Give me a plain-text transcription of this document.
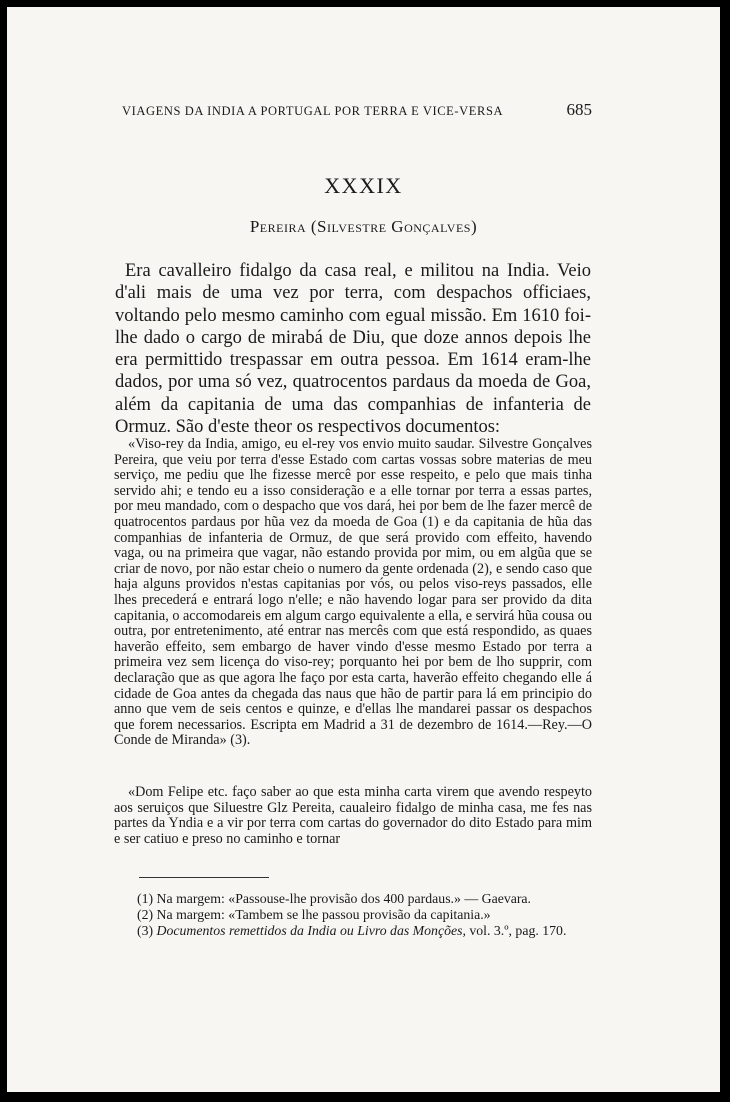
VIAGENS DA INDIA A PORTUGAL POR TERRA E VICE-VERSA	685
XXXIX
Pereira (Silvestre Gonçalves)

Era cavalleiro fidalgo da casa real, e militou na India. Veio d'ali mais de uma vez por terra, com despachos officiaes, voltando pelo mesmo caminho com egual missão. Em 1610 foi-lhe dado o cargo de mirabá de Diu, que doze annos depois lhe era permittido trespassar em outra pessoa. Em 1614 eram-lhe dados, por uma só vez, quatrocentos pardaus da moeda de Goa, além da capitania de uma das companhias de infanteria de Ormuz. São d'este theor os respectivos documentos:

«Viso-rey da India, amigo, eu el-rey vos envio muito saudar. Silvestre Gonçalves Pereira, que veiu por terra d'esse Estado com cartas vossas sobre materias de meu serviço, me pediu que lhe fizesse mercê por esse respeito, e pelo que mais tinha servido ahi; e tendo eu a isso consideração e a elle tornar por terra a essas partes, por meu mandado, com o despacho que vos dará, hei por bem de lhe fazer mercê de quatrocentos pardaus por hũa vez da moeda de Goa (1) e da capitania de hũa das companhias de infanteria de Ormuz, de que será provido com effeito, havendo vaga, ou na primeira que vagar, não estando provida por mim, ou em algũa que se criar de novo, por não estar cheio o numero da gente ordenada (2), e sendo caso que haja alguns providos n'estas capitanias por vós, ou pelos viso-reys passados, elle lhes precederá e entrará logo n'elle; e não havendo logar para ser provido da dita capitania, o accomodareis em algum cargo equivalente a ella, e servirá hũa cousa ou outra, por entretenimento, até entrar nas mercês com que está respondido, as quaes haverão effeito, sem embargo de haver vindo d'esse mesmo Estado por terra a primeira vez sem licença do viso-rey; porquanto hei por bem de lho supprir, com declaração que as que agora lhe faço por esta carta, haverão effeito chegando elle á cidade de Goa antes da chegada das naus que hão de partir para lá em principio do anno que vem de seis centos e quinze, e d'ellas lhe mandarei passar os despachos que forem necessarios. Escripta em Madrid a 31 de dezembro de 1614.—Rey.—O Conde de Miranda» (3).

«Dom Felipe etc. faço saber ao que esta minha carta virem que avendo respeyto aos seruiços que Siluestre Glz Pereita, caualeiro fidalgo de minha casa, me fes nas partes da Yndia e a vir por terra com cartas do governador do dito Estado para mim e ser catiuo e preso no caminho e tornar

(1) Na margem: «Passouse-lhe provisão dos 400 pardaus.» — Gaevara.

(2) Na margem: «Tambem se lhe passou provisão da capitania.»

(3) Documentos remettidos da India ou Livro das Monções, vol. 3.º, pag. 170.
